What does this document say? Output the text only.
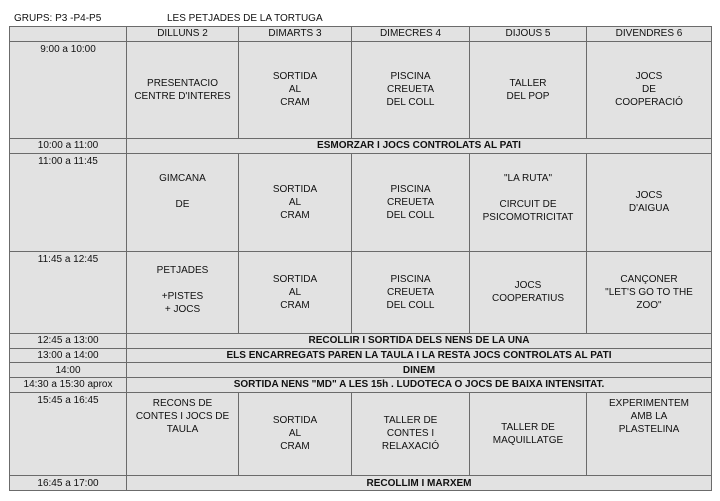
GRUPS: P3 -P4-P5	LES PETJADES DE LA TORTUGA
	DILLUNS 2	DIMARTS 3	DIMECRES 4	DIJOUS 5	DIVENDRES 6
9:00 a 10:00	PRESENTACIO
CENTRE D'INTERES	SORTIDA
AL
CRAM	PISCINA
CREUETA
DEL COLL	TALLER
DEL POP	JOCS
DE
COOPERACIÓ

10:00 a 11:00	ESMORZAR I JOCS CONTROLATS AL PATI				
11:00 a 11:45	GIMCANA
DE	SORTIDA
AL
CRAM	PISCINA
CREUETA
DEL COLL	"LA RUTA"
CIRCUIT DE
PSICOMOTRICITAT	JOCS
D'AIGUA

11:45 a 12:45	PETJADES
+PISTES
+ JOCS	SORTIDA
AL
CRAM	PISCINA
CREUETA
DEL COLL	JOCS
COOPERATIUS	CANÇONER
"LET'S GO TO THE
ZOO"

12:45 a 13:00	RECOLLIR I SORTIDA DELS NENS DE LA UNA				
13:00 a 14:00	ELS ENCARREGATS PAREN LA TAULA I LA RESTA JOCS CONTROLATS AL PATI				
14:00	DINEM				
14:30 a 15:30 aprox	SORTIDA NENS "MD" A LES 15h . LUDOTECA O JOCS DE BAIXA INTENSITAT.				
15:45 a 16:45	RECONS DE
CONTES I JOCS DE
TAULA	SORTIDA
AL
CRAM	TALLER DE
CONTES I
RELAXACIÓ	TALLER DE
MAQUILLATGE	EXPERIMENTEM
AMB LA
PLASTELINA

16:45 a 17:00	RECOLLIM I MARXEM				
